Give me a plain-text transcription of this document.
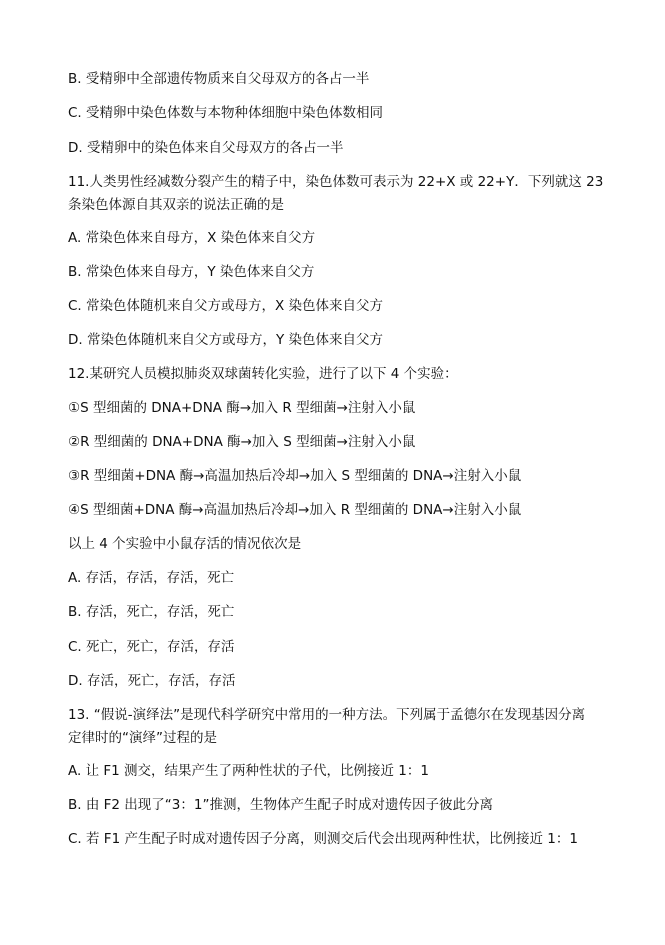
B. 受精卵中全部遗传物质来自父母双方的各占一半
C. 受精卵中染色体数与本物种体细胞中染色体数相同
D. 受精卵中的染色体来自父母双方的各占一半
11.人类男性经减数分裂产生的精子中，染色体数可表示为 22+X 或 22+Y．下列就这 23
条染色体源自其双亲的说法正确的是
A. 常染色体来自母方，X 染色体来自父方
B. 常染色体来自母方，Y 染色体来自父方
C. 常染色体随机来自父方或母方，X 染色体来自父方
D. 常染色体随机来自父方或母方，Y 染色体来自父方
12.某研究人员模拟肺炎双球菌转化实验，进行了以下 4 个实验：
①S 型细菌的 DNA+DNA 酶→加入 R 型细菌→注射入小鼠
②R 型细菌的 DNA+DNA 酶→加入 S 型细菌→注射入小鼠
③R 型细菌+DNA 酶→高温加热后冷却→加入 S 型细菌的 DNA→注射入小鼠
④S 型细菌+DNA 酶→高温加热后冷却→加入 R 型细菌的 DNA→注射入小鼠
以上 4 个实验中小鼠存活的情况依次是
A. 存活，存活，存活，死亡
B. 存活，死亡，存活，死亡
C. 死亡，死亡，存活，存活
D. 存活，死亡，存活，存活
13. “假说-演绎法”是现代科学研究中常用的一种方法。下列属于孟德尔在发现基因分离
定律时的“演绎”过程的是
A. 让 F1 测交，结果产生了两种性状的子代，比例接近 1：1
B. 由 F2 出现了“3：1”推测，生物体产生配子时成对遗传因子彼此分离
C. 若 F1 产生配子时成对遗传因子分离，则测交后代会出现两种性状，比例接近 1：1
